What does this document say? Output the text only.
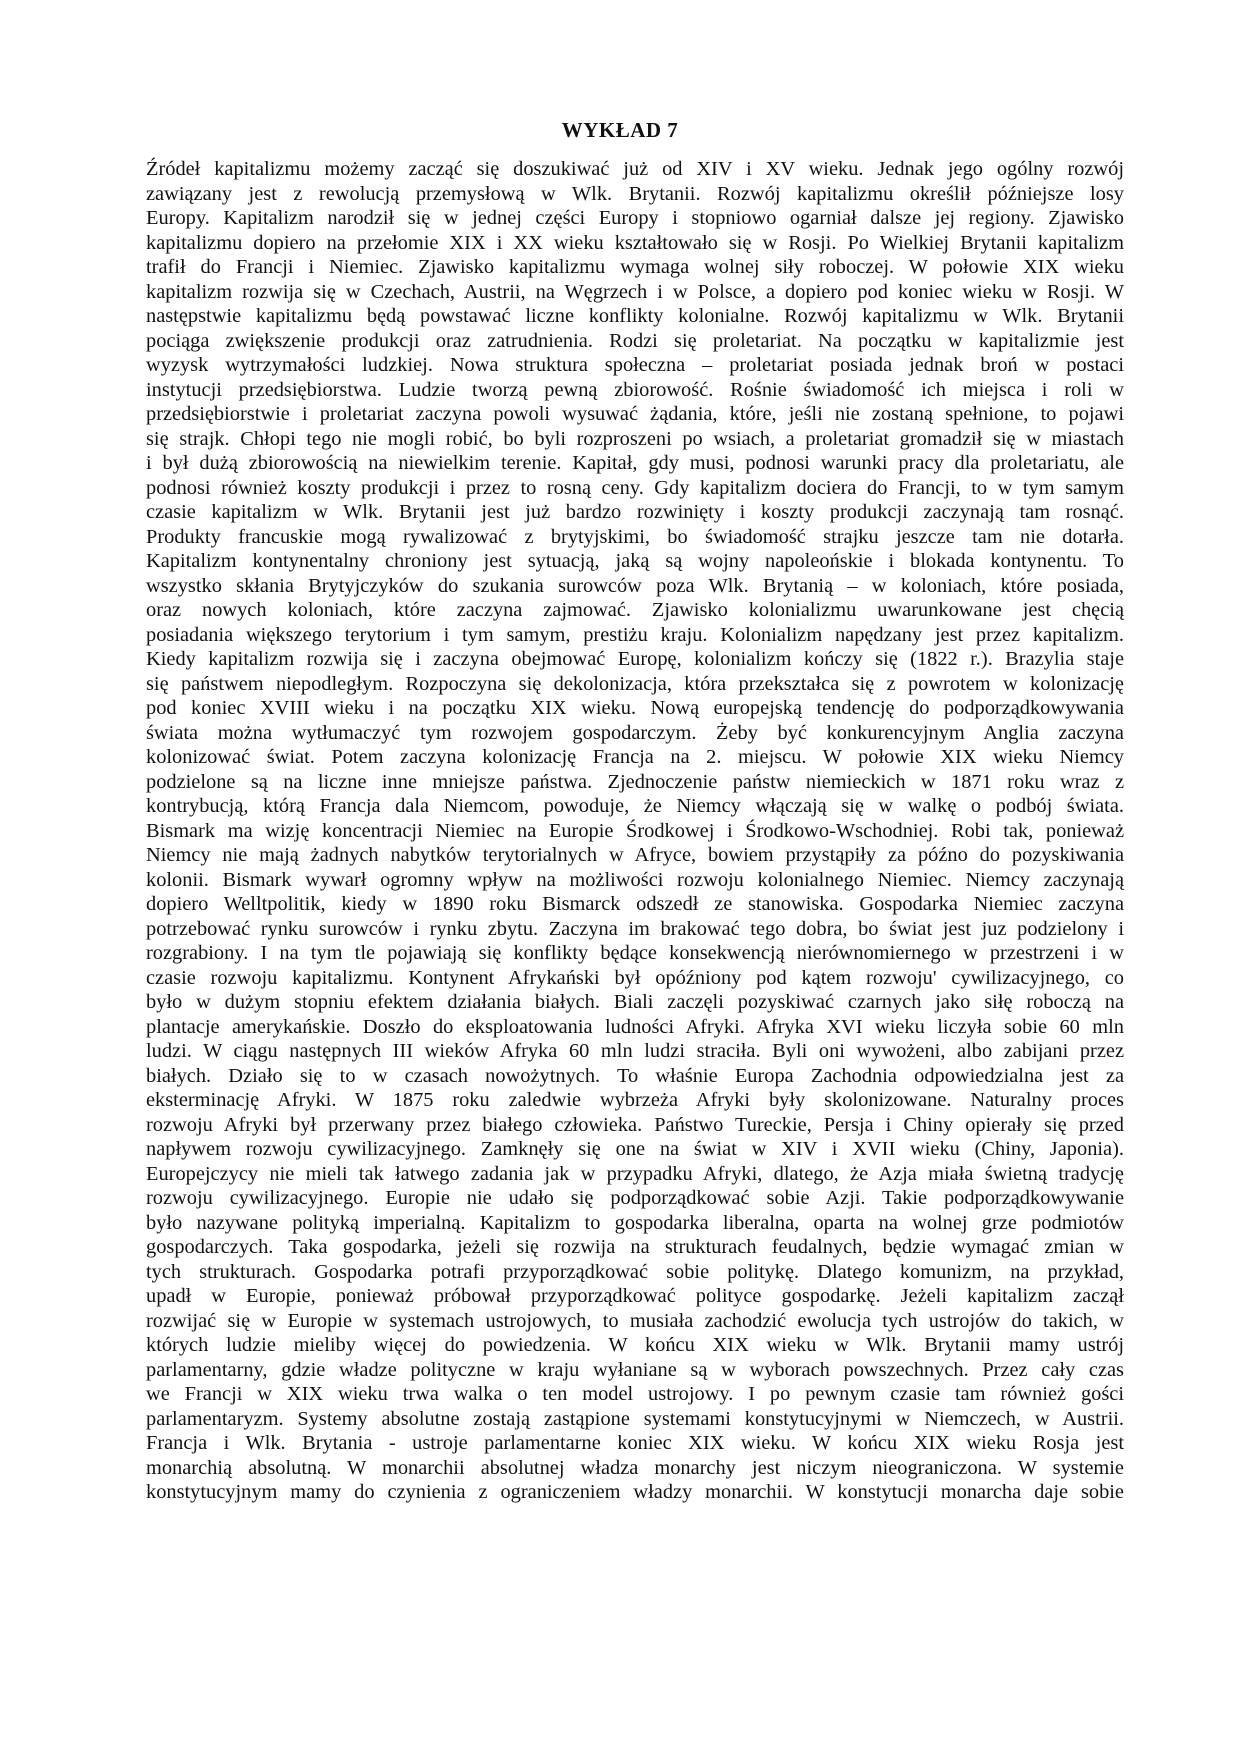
WYKŁAD 7
Źródeł kapitalizmu możemy zacząć się doszukiwać już od XIV i XV wieku. Jednak jego ogólny rozwój
zawiązany jest z rewolucją przemysłową w Wlk. Brytanii. Rozwój kapitalizmu określił późniejsze losy
Europy. Kapitalizm narodził się w jednej części Europy i stopniowo ogarniał dalsze jej regiony. Zjawisko
kapitalizmu dopiero na przełomie XIX i XX wieku kształtowało się w Rosji. Po Wielkiej Brytanii kapitalizm
trafił do Francji i Niemiec. Zjawisko kapitalizmu wymaga wolnej siły roboczej. W połowie XIX wieku
kapitalizm rozwija się w Czechach, Austrii, na Węgrzech i w Polsce, a dopiero pod koniec wieku w Rosji. W
następstwie kapitalizmu będą powstawać liczne konflikty kolonialne. Rozwój kapitalizmu w Wlk. Brytanii
pociąga zwiększenie produkcji oraz zatrudnienia. Rodzi się proletariat. Na początku w kapitalizmie jest
wyzysk wytrzymałości ludzkiej. Nowa struktura społeczna – proletariat posiada jednak broń w postaci
instytucji przedsiębiorstwa. Ludzie tworzą pewną zbiorowość. Rośnie świadomość ich miejsca i roli w
przedsiębiorstwie i proletariat zaczyna powoli wysuwać żądania, które, jeśli nie zostaną spełnione, to pojawi
się strajk. Chłopi tego nie mogli robić, bo byli rozproszeni po wsiach, a proletariat gromadził się w miastach
i był dużą zbiorowością na niewielkim terenie. Kapitał, gdy musi, podnosi warunki pracy dla proletariatu, ale
podnosi również koszty produkcji i przez to rosną ceny. Gdy kapitalizm dociera do Francji, to w tym samym
czasie kapitalizm w Wlk. Brytanii jest już bardzo rozwinięty i koszty produkcji zaczynają tam rosnąć.
Produkty francuskie mogą rywalizować z brytyjskimi, bo świadomość strajku jeszcze tam nie dotarła.
Kapitalizm kontynentalny chroniony jest sytuacją, jaką są wojny napoleońskie i blokada kontynentu. To
wszystko skłania Brytyjczyków do szukania surowców poza Wlk. Brytanią – w koloniach, które posiada,
oraz nowych koloniach, które zaczyna zajmować. Zjawisko kolonializmu uwarunkowane jest chęcią
posiadania większego terytorium i tym samym, prestiżu kraju. Kolonializm napędzany jest przez kapitalizm.
Kiedy kapitalizm rozwija się i zaczyna obejmować Europę, kolonializm kończy się (1822 r.). Brazylia staje
się państwem niepodległym. Rozpoczyna się dekolonizacja, która przekształca się z powrotem w kolonizację
pod koniec XVIII wieku i na początku XIX wieku. Nową europejską tendencję do podporządkowywania
świata można wytłumaczyć tym rozwojem gospodarczym. Żeby być konkurencyjnym Anglia zaczyna
kolonizować świat. Potem zaczyna kolonizację Francja na 2. miejscu. W połowie XIX wieku Niemcy
podzielone są na liczne inne mniejsze państwa. Zjednoczenie państw niemieckich w 1871 roku wraz z
kontrybucją, którą Francja dala Niemcom, powoduje, że Niemcy włączają się w walkę o podbój świata.
Bismark ma wizję koncentracji Niemiec na Europie Środkowej i Środkowo-Wschodniej. Robi tak, ponieważ
Niemcy nie mają żadnych nabytków terytorialnych w Afryce, bowiem przystąpiły za późno do pozyskiwania
kolonii. Bismark wywarł ogromny wpływ na możliwości rozwoju kolonialnego Niemiec. Niemcy zaczynają
dopiero Welltpolitik, kiedy w 1890 roku Bismarck odszedł ze stanowiska. Gospodarka Niemiec zaczyna
potrzebować rynku surowców i rynku zbytu. Zaczyna im brakować tego dobra, bo świat jest juz podzielony i
rozgrabiony. I na tym tle pojawiają się konflikty będące konsekwencją nierównomiernego w przestrzeni i w
czasie rozwoju kapitalizmu. Kontynent Afrykański był opóźniony pod kątem rozwoju' cywilizacyjnego, co
było w dużym stopniu efektem działania białych. Biali zaczęli pozyskiwać czarnych jako siłę roboczą na
plantacje amerykańskie. Doszło do eksploatowania ludności Afryki. Afryka XVI wieku liczyła sobie 60 mln
ludzi. W ciągu następnych III wieków Afryka 60 mln ludzi straciła. Byli oni wywożeni, albo zabijani przez
białych. Działo się to w czasach nowożytnych. To właśnie Europa Zachodnia odpowiedzialna jest za
eksterminację Afryki. W 1875 roku zaledwie wybrzeża Afryki były skolonizowane. Naturalny proces
rozwoju Afryki był przerwany przez białego człowieka. Państwo Tureckie, Persja i Chiny opierały się przed
napływem rozwoju cywilizacyjnego. Zamknęły się one na świat w XIV i XVII wieku (Chiny, Japonia).
Europejczycy nie mieli tak łatwego zadania jak w przypadku Afryki, dlatego, że Azja miała świetną tradycję
rozwoju cywilizacyjnego. Europie nie udało się podporządkować sobie Azji. Takie podporządkowywanie
było nazywane polityką imperialną. Kapitalizm to gospodarka liberalna, oparta na wolnej grze podmiotów
gospodarczych. Taka gospodarka, jeżeli się rozwija na strukturach feudalnych, będzie wymagać zmian w
tych strukturach. Gospodarka potrafi przyporządkować sobie politykę. Dlatego komunizm, na przykład,
upadł w Europie, ponieważ próbował przyporządkować polityce gospodarkę. Jeżeli kapitalizm zaczął
rozwijać się w Europie w systemach ustrojowych, to musiała zachodzić ewolucja tych ustrojów do takich, w
których ludzie mieliby więcej do powiedzenia. W końcu XIX wieku w Wlk. Brytanii mamy ustrój
parlamentarny, gdzie władze polityczne w kraju wyłaniane są w wyborach powszechnych. Przez cały czas
we Francji w XIX wieku trwa walka o ten model ustrojowy. I po pewnym czasie tam również gości
parlamentaryzm. Systemy absolutne zostają zastąpione systemami konstytucyjnymi w Niemczech, w Austrii.
Francja i Wlk. Brytania - ustroje parlamentarne koniec XIX wieku. W końcu XIX wieku Rosja jest
monarchią absolutną. W monarchii absolutnej władza monarchy jest niczym nieograniczona. W systemie
konstytucyjnym mamy do czynienia z ograniczeniem władzy monarchii. W konstytucji monarcha daje sobie
